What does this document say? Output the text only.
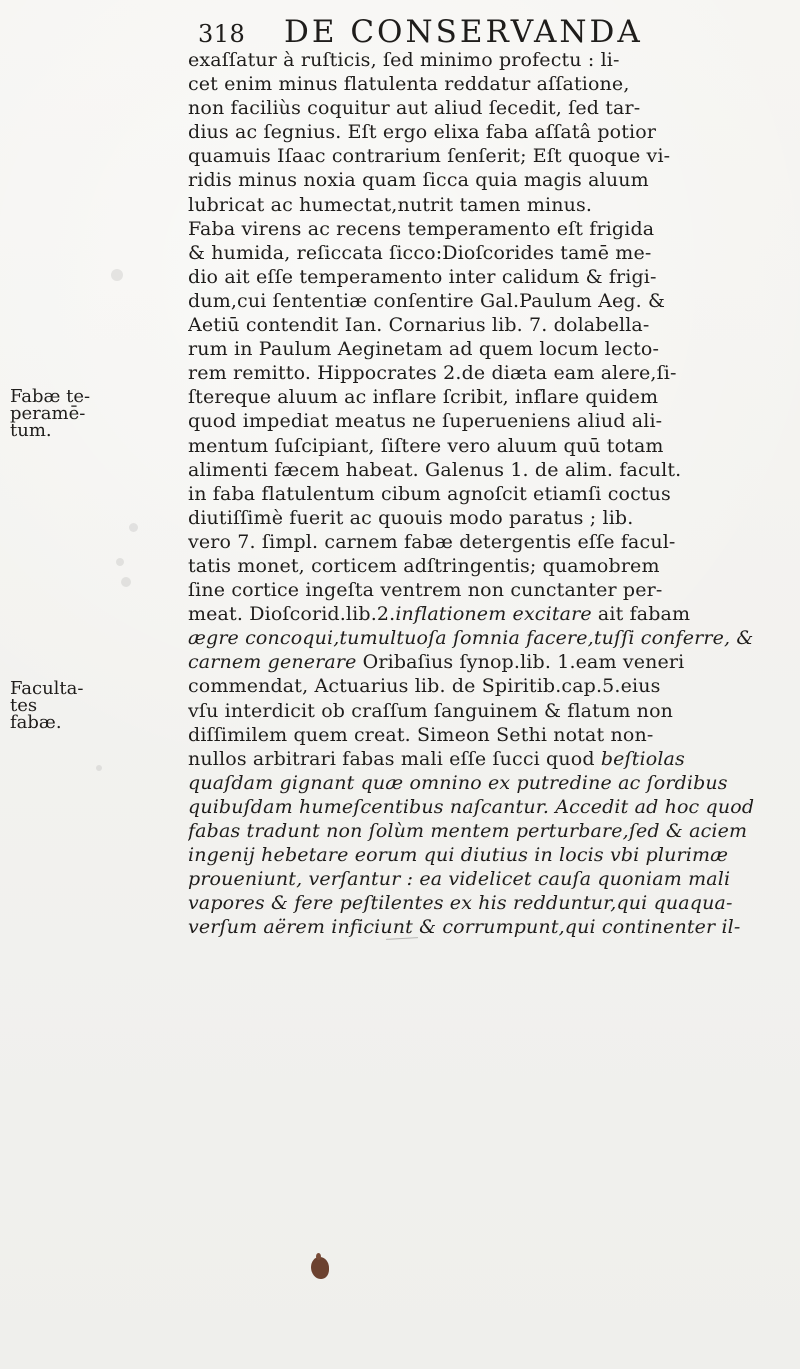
318 DE CONSERVANDA
Fabæ te- peramē- tum.
Faculta- tes fabæ.
exaſſatur à ruſticis, ſed minimo profectu : li-
cet enim minus flatulenta reddatur aſſatione,
non faciliùs coquitur aut aliud ſecedit, ſed tar-
dius ac ſegnius. Eſt ergo elixa faba aſſatâ potior
quamuis Iſaac contrarium ſenſerit; Eſt quoque vi-
ridis minus noxia quam ſicca quia magis aluum
lubricat ac humectat,nutrit tamen minus.
Faba virens ac recens temperamento eſt frigida
& humida, reſiccata ſicco:Dioſcorides tamē me-
dio ait eſſe temperamento inter calidum & frigi-
dum,cui ſententiæ conſentire Gal.Paulum Aeg. &
Aetiū contendit Ian. Cornarius lib. 7. dolabella-
rum in Paulum Aeginetam ad quem locum lecto-
rem remitto. Hippocrates 2.de diæta eam alere,ſi-
ſtereque aluum ac inflare ſcribit, inflare quidem
quod impediat meatus ne ſuperueniens aliud ali-
mentum ſuſcipiant, ſiſtere vero aluum quū totam
alimenti fæcem habeat. Galenus 1. de alim. facult.
in faba flatulentum cibum agnoſcit etiamſi coctus
diutiſſimè fuerit ac quouis modo paratus ; lib.
vero 7. ſimpl. carnem fabæ detergentis eſſe facul-
tatis monet, corticem adſtringentis; quamobrem
ſine cortice ingeſta ventrem non cunctanter per-
meat. Dioſcorid.lib.2.inflationem excitare ait fabam
ægre concoqui,tumultuoſa ſomnia facere,tuſſi conferre, &
carnem generare Oribaſius ſynop.lib. 1.eam veneri
commendat, Actuarius lib. de Spiritib.cap.5.eius
vſu interdicit ob craſſum ſanguinem & flatum non
diſſimilem quem creat. Simeon Sethi notat non-
nullos arbitrari fabas mali eſſe ſucci quod beſtiolas
quaſdam gignant quæ omnino ex putredine ac ſordibus
quibuſdam humeſcentibus naſcantur. Accedit ad hoc quod
fabas tradunt non ſolùm mentem perturbare,ſed & aciem
ingenij hebetare eorum qui diutius in locis vbi plurimæ
proueniunt, verſantur : ea videlicet cauſa quoniam mali
vapores & fere peſtilentes ex his redduntur,qui quaqua-
verſum aërem inficiunt & corrumpunt,qui continenter il-
